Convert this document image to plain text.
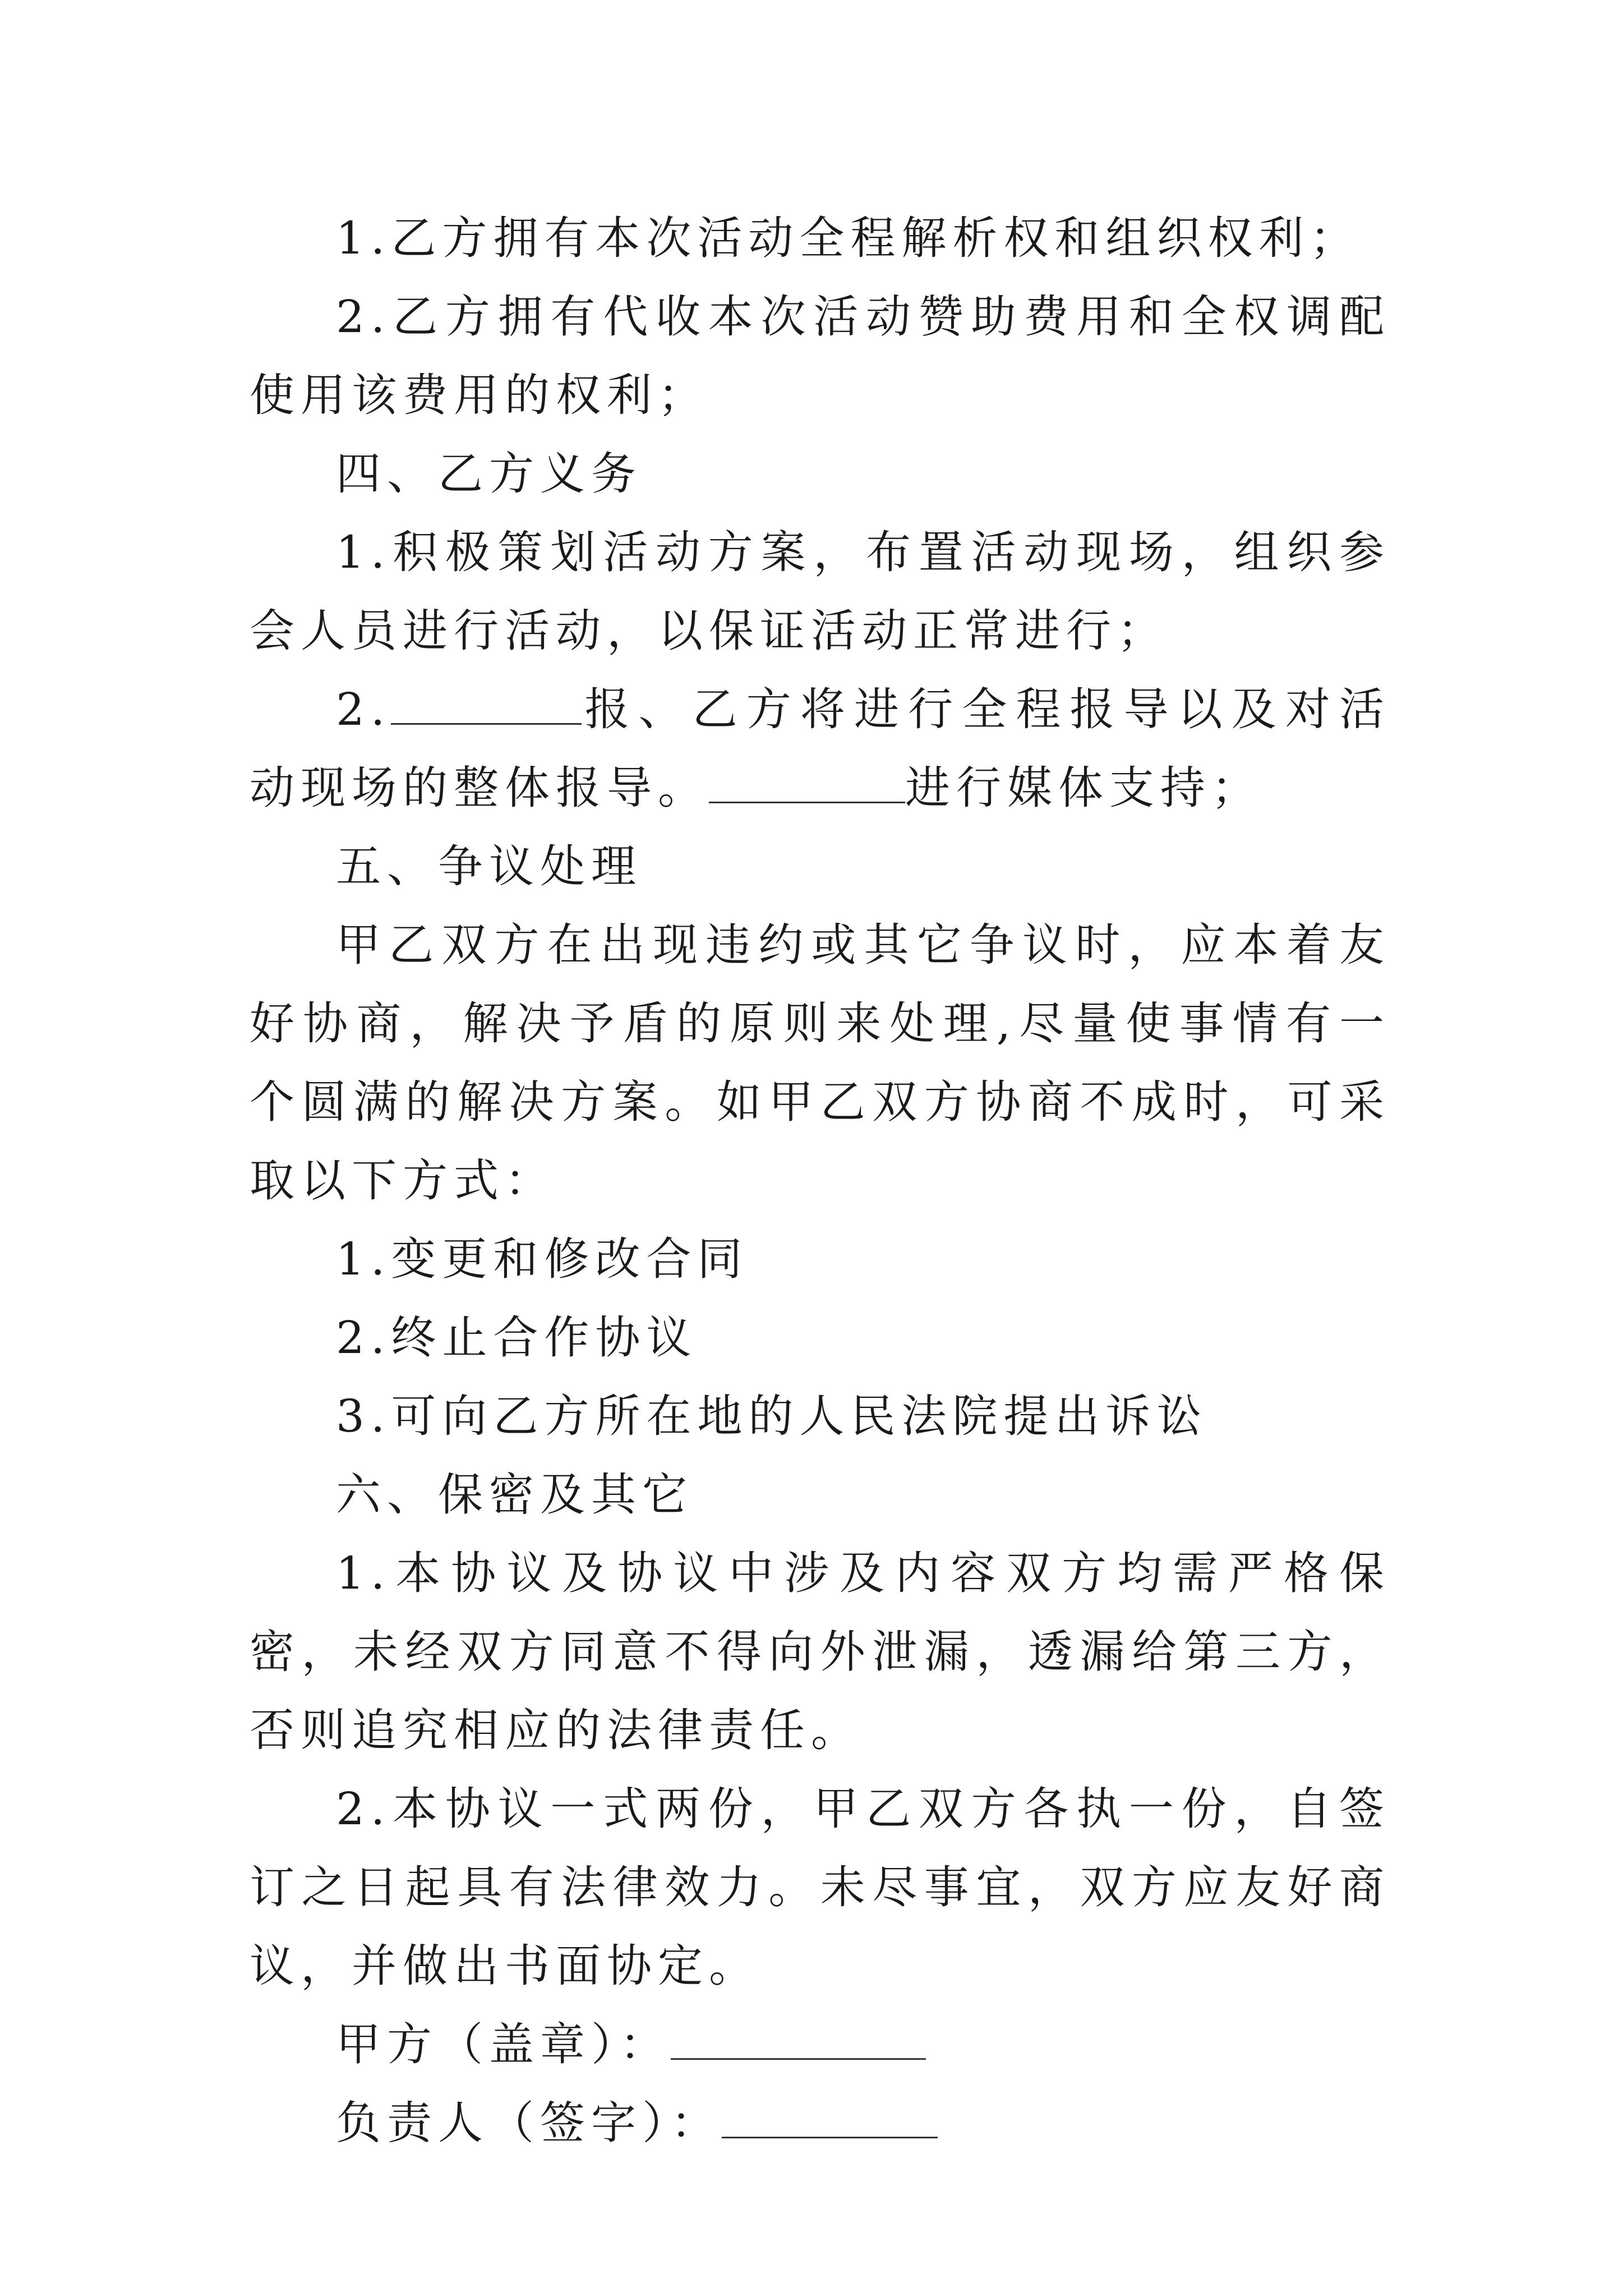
1.乙方拥有本次活动全程解析权和组织权利；

2.乙方拥有代收本次活动赞助费用和全权调配使用该费用的权利；

四、乙方义务

1.积极策划活动方案，布置活动现场，组织参会人员进行活动，以保证活动正常进行；

2.	报、乙方将进行全程报导以及对活动现场的整体报导。	进行媒体支持；

五、争议处理

甲乙双方在出现违约或其它争议时，应本着友好协商，解决予盾的原则来处理,尽量使事情有一个圆满的解决方案。如甲乙双方协商不成时，可采取以下方式：

1.变更和修改合同

2.终止合作协议

3.可向乙方所在地的人民法院提出诉讼

六、保密及其它

1.本协议及协议中涉及内容双方均需严格保密，未经双方同意不得向外泄漏，透漏给第三方，否则追究相应的法律责任。

2.本协议一式两份，甲乙双方各执一份，自签订之日起具有法律效力。未尽事宜，双方应友好商议，并做出书面协定。

甲方（盖章）：

负责人（签字）：
